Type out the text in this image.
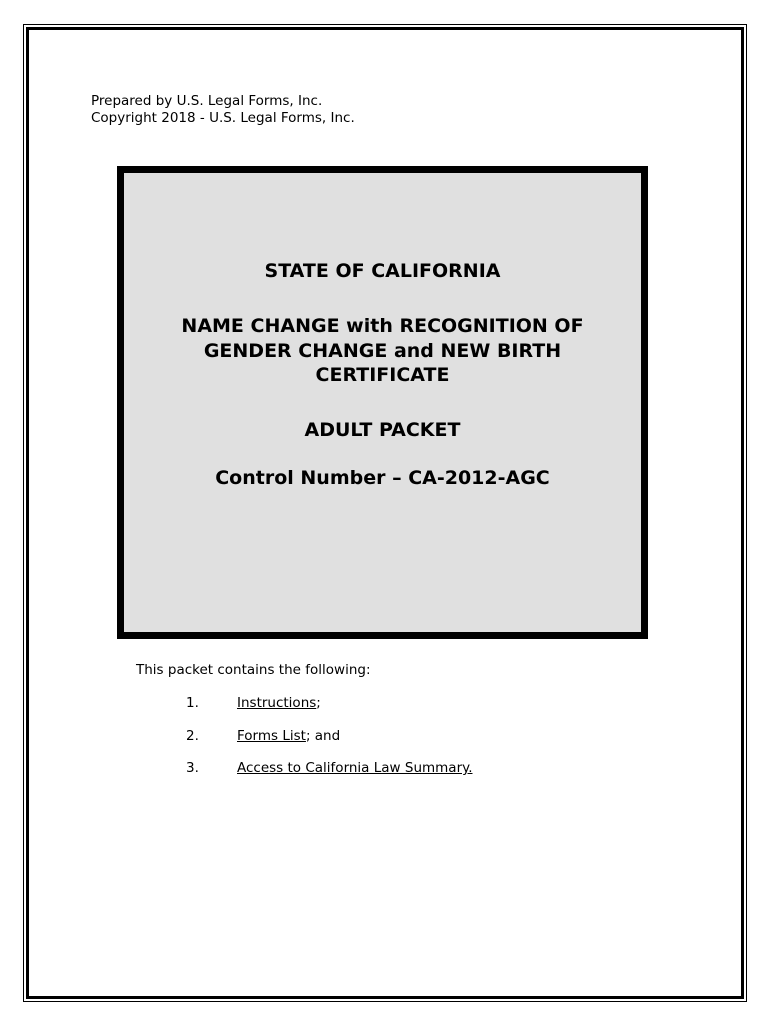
Prepared by U.S. Legal Forms, Inc.
Copyright 2018 - U.S. Legal Forms, Inc.
STATE OF CALIFORNIA
NAME CHANGE with RECOGNITION OF
GENDER CHANGE and NEW BIRTH
CERTIFICATE
ADULT PACKET
Control Number – CA-2012-AGC
This packet contains the following:
1.	Instructions;
2.	Forms List; and
3.	Access to California Law Summary.
